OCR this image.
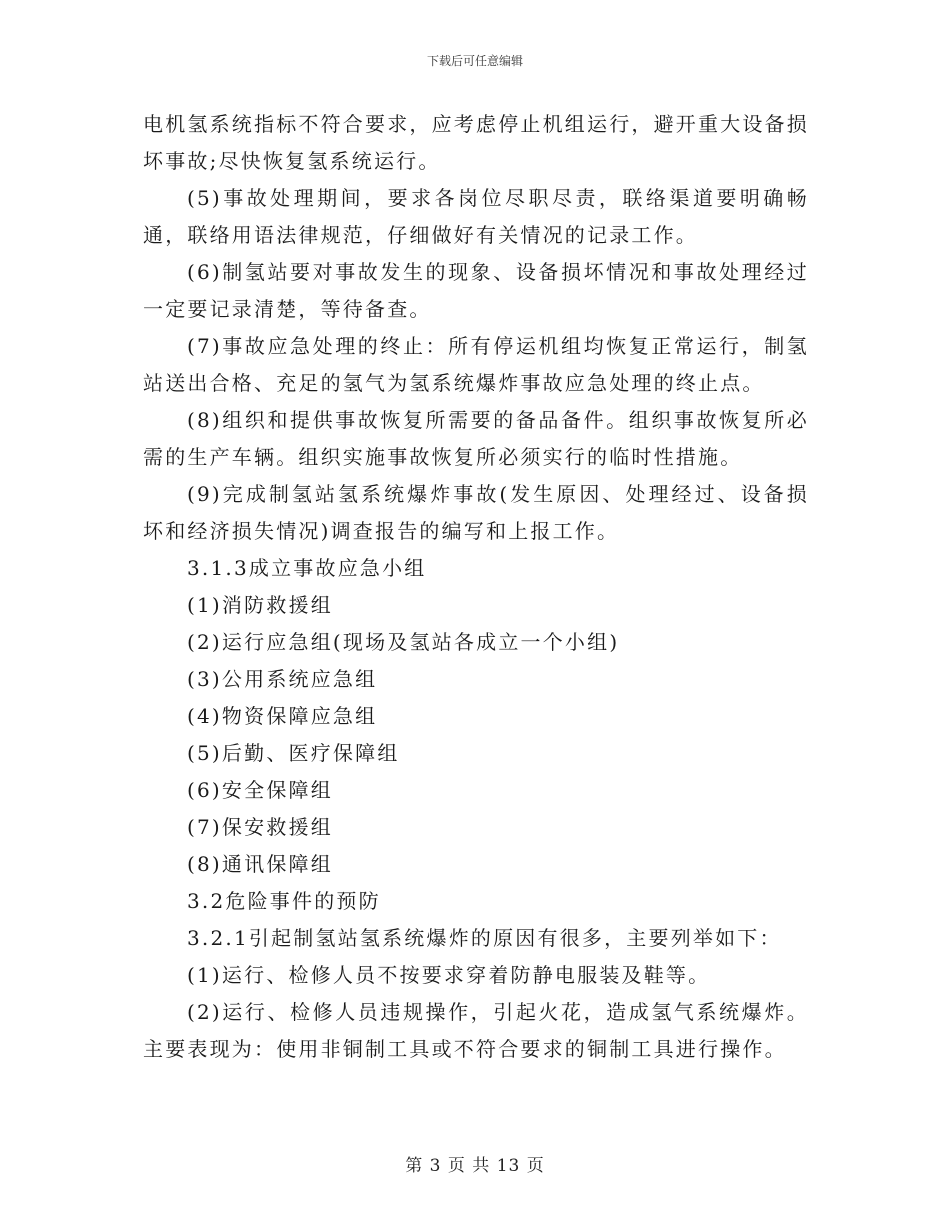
下载后可任意编辑

电机氢系统指标不符合要求，应考虑停止机组运行，避开重大设备损坏事故;尽快恢复氢系统运行。

(5)事故处理期间，要求各岗位尽职尽责，联络渠道要明确畅通，联络用语法律规范，仔细做好有关情况的记录工作。

(6)制氢站要对事故发生的现象、设备损坏情况和事故处理经过一定要记录清楚，等待备查。

(7)事故应急处理的终止：所有停运机组均恢复正常运行，制氢站送出合格、充足的氢气为氢系统爆炸事故应急处理的终止点。

(8)组织和提供事故恢复所需要的备品备件。组织事故恢复所必需的生产车辆。组织实施事故恢复所必须实行的临时性措施。

(9)完成制氢站氢系统爆炸事故(发生原因、处理经过、设备损坏和经济损失情况)调查报告的编写和上报工作。

3.1.3成立事故应急小组

(1)消防救援组

(2)运行应急组(现场及氢站各成立一个小组)

(3)公用系统应急组

(4)物资保障应急组

(5)后勤、医疗保障组

(6)安全保障组

(7)保安救援组

(8)通讯保障组

3.2危险事件的预防

3.2.1引起制氢站氢系统爆炸的原因有很多，主要列举如下：

(1)运行、检修人员不按要求穿着防静电服装及鞋等。

(2)运行、检修人员违规操作，引起火花，造成氢气系统爆炸。主要表现为：使用非铜制工具或不符合要求的铜制工具进行操作。

第 3 页 共 13 页
